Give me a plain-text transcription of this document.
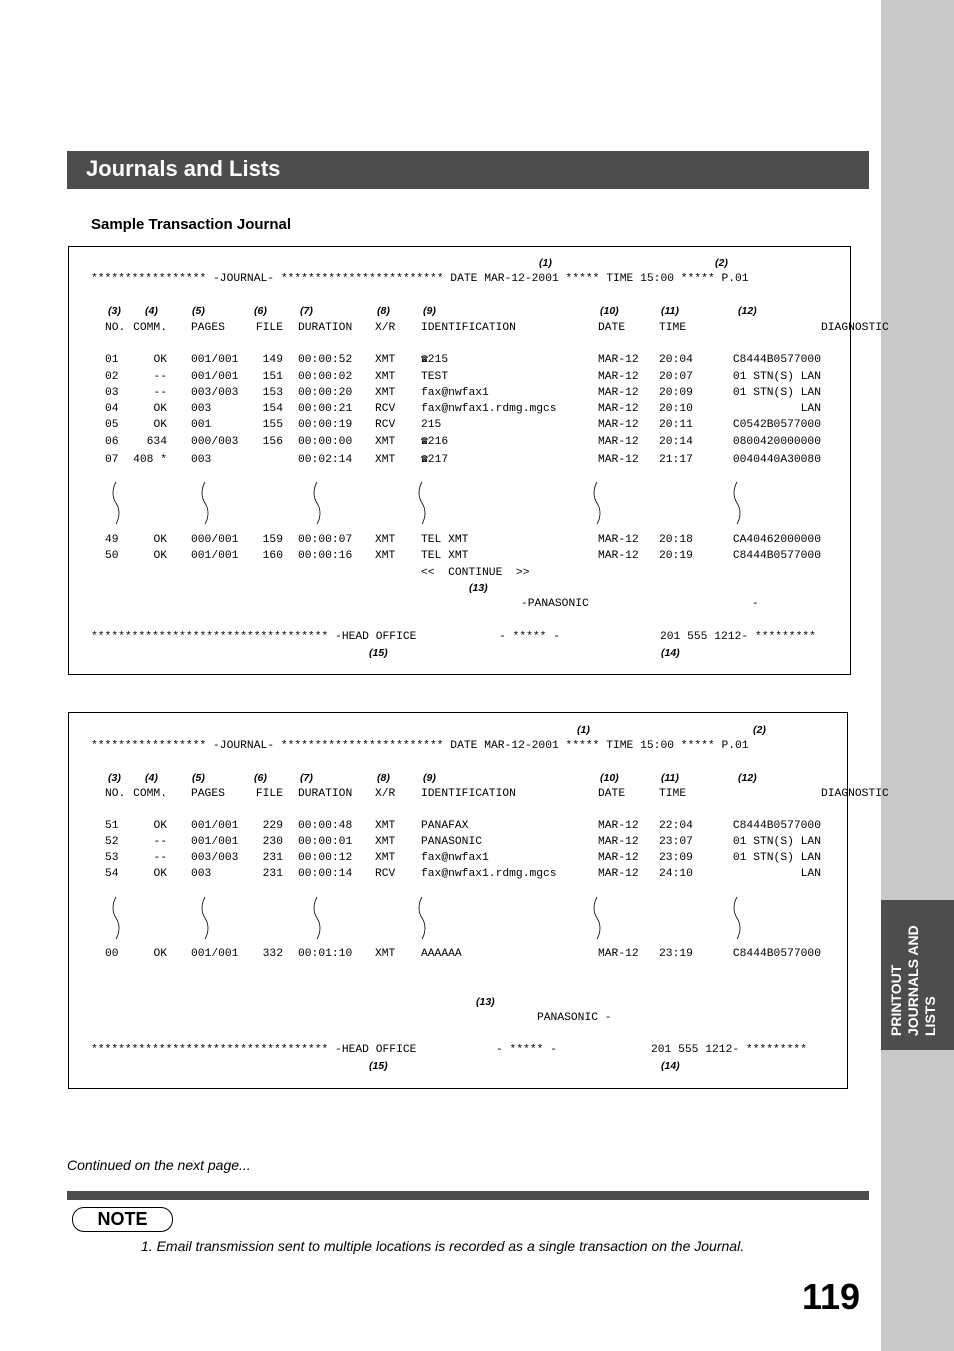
PRINTOUT
JOURNALS AND
LISTS
Journals and Lists
Sample Transaction Journal
Continued on the next page...
NOTE
1. Email transmission sent to multiple locations is recorded as a single transaction on the Journal.
119
(1)	(2)
***************** -JOURNAL- ************************ DATE MAR-12-2001 ***** TIME 15:00 ***** P.01
(3) (4)	(5)	(6)	(7)	(8)	(9)	(10)	(11)	(12)
NO. COMM. PAGES	FILE DURATION X/R IDENTIFICATION	DATE	TIME	DIAGNOSTIC
01	OK 001/001 149 00:00:52 XMT ☎215	MAR-12 20:04	C8444B0577000
02	-- 001/001 151 00:00:02 XMT TEST	MAR-12 20:07	01 STN(S) LAN
03	-- 003/003 153 00:00:20 XMT fax@nwfax1	MAR-12 20:09	01 STN(S) LAN
04	OK 003	154 00:00:21 RCV fax@nwfax1.rdmg.mgcs	MAR-12 20:10	LAN
05	OK 001	155 00:00:19 RCV 215	MAR-12 20:11	C0542B0577000
06 634 000/003 156 00:00:00 XMT ☎216	MAR-12 20:14	0800420000000
07 408 * 003	00:02:14 XMT ☎217	MAR-12 21:17	0040440A30080
49	OK 000/001 159 00:00:07 XMT TEL XMT	MAR-12 20:18	CA40462000000
50	OK 001/001 160 00:00:16 XMT TEL XMT	MAR-12 20:19	C8444B0577000
<<  CONTINUE  >>
(13)
-PANASONIC	-
*********************************** -HEAD OFFICE	- ***** -	201 555 1212- *********
(15)	(14)
(1)	(2)
***************** -JOURNAL- ************************ DATE MAR-12-2001 ***** TIME 15:00 ***** P.01
(3) (4)	(5)	(6)	(7)	(8)	(9)	(10)	(11)	(12)
NO. COMM. PAGES	FILE DURATION X/R IDENTIFICATION	DATE	TIME	DIAGNOSTIC
51	OK 001/001 229 00:00:48 XMT PANAFAX	MAR-12 22:04	C8444B0577000
52	-- 001/001 230 00:00:01 XMT PANASONIC	MAR-12 23:07	01 STN(S) LAN
53	-- 003/003 231 00:00:12 XMT fax@nwfax1	MAR-12 23:09	01 STN(S) LAN
54	OK 003	231 00:00:14 RCV fax@nwfax1.rdmg.mgcs	MAR-12 24:10	LAN
00	OK 001/001 332 00:01:10 XMT AAAAAA	MAR-12 23:19	C8444B0577000
(13)
PANASONIC -
*********************************** -HEAD OFFICE	- ***** -	201 555 1212- *********
(15)	(14)
